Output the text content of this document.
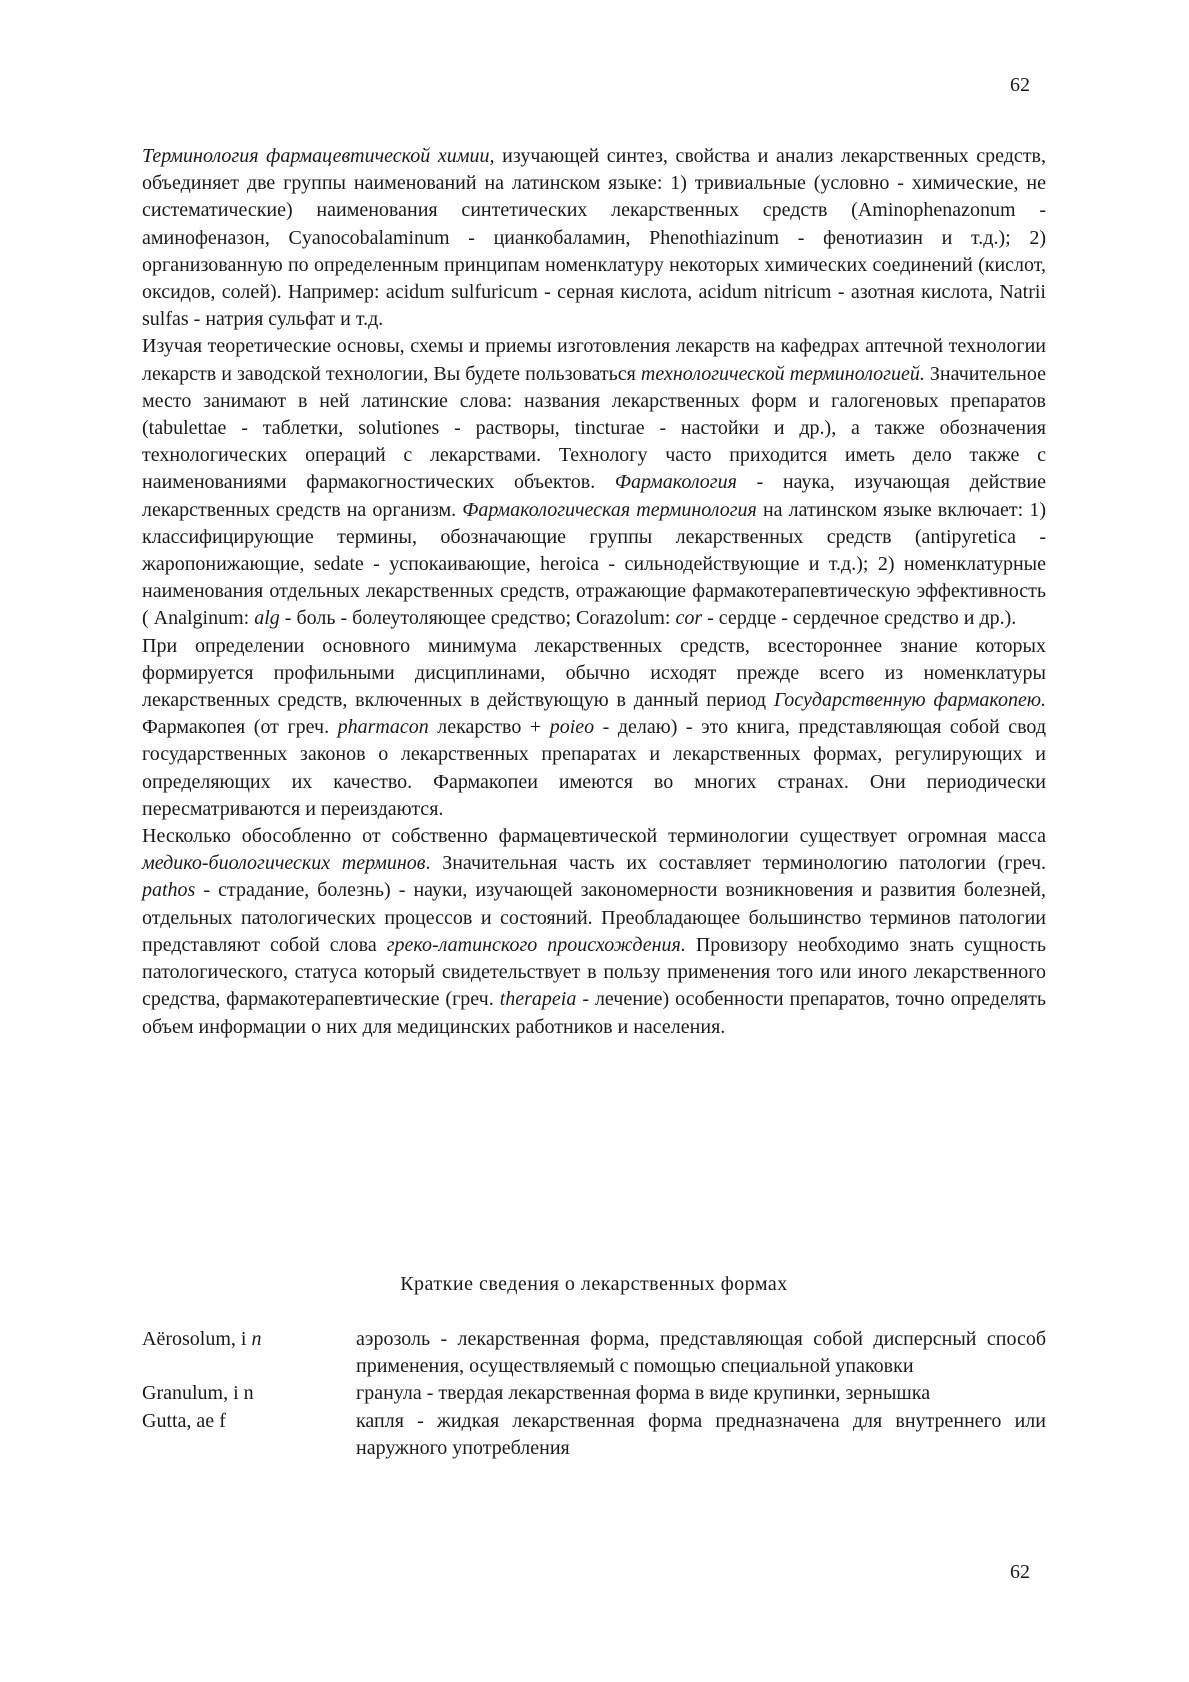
62

Терминология фармацевтической химии, изучающей синтез, свойства и анализ лекарственных средств, объединяет две группы наименований на латинском языке: 1) тривиальные (условно - химические, не систематические) наименования синтетических лекарственных средств (Aminophenazonum - аминофеназон, Cyanocobalaminum - цианкобаламин, Phenothiazinum - фенотиазин и т.д.); 2) организованную по определенным принципам номенклатуру некоторых химических соединений (кислот, оксидов, солей). Например: acidum sulfuricum - серная кислота, acidum nitricum - азотная кислота, Natrii sulfas - натрия сульфат и т.д.

Изучая теоретические основы, схемы и приемы изготовления лекарств на кафедрах аптечной технологии лекарств и заводской технологии, Вы будете пользоваться технологической терминологией. Значительное место занимают в ней латинские слова: названия лекарственных форм и галогеновых препаратов (tabulettae - таблетки, solutiones - растворы, tincturae - настойки и др.), а также обозначения технологических операций с лекарствами. Технологу часто приходится иметь дело также с наименованиями фармакогностических объектов. Фармакология - наука, изучающая действие лекарственных средств на организм. Фармакологическая терминология на латинском языке включает: 1) классифицирующие термины, обозначающие группы лекарственных средств (antipyretica - жаропонижающие, sedate - успокаивающие, heroica - сильнодействующие и т.д.); 2) номенклатурные наименования отдельных лекарственных средств, отражающие фармакотерапевтическую эффективность ( Analginum: alg - боль - болеутоляющее средство; Corazolum: cor - сердце - сердечное средство и др.).

При определении основного минимума лекарственных средств, всестороннее знание которых формируется профильными дисциплинами, обычно исходят прежде всего из номенклатуры лекарственных средств, включенных в действующую в данный период Государственную фармакопею. Фармакопея (от греч. pharmacon лекарство + poieo - делаю) - это книга, представляющая собой свод государственных законов о лекарственных препаратах и лекарственных формах, регулирующих и определяющих их качество. Фармакопеи имеются во многих странах. Они периодически пересматриваются и переиздаются.

Несколько обособленно от собственно фармацевтической терминологии существует огромная масса медико-биологических терминов. Значительная часть их составляет терминологию патологии (греч. pathos - страдание, болезнь) - науки, изучающей закономерности возникновения и развития болезней, отдельных патологических процессов и состояний. Преобладающее большинство терминов патологии представляют собой слова греко-латинского происхождения. Провизору необходимо знать сущность патологического, статуса который свидетельствует в пользу применения того или иного лекарственного средства, фармакотерапевтические (греч. therapeia - лечение) особенности препаратов, точно определять объем информации о них для медицинских работников и населения.

Краткие сведения о лекарственных формах
Aërosolum, i n	аэрозоль - лекарственная форма, представляющая собой дисперсный способ применения, осуществляемый с помощью специальной упаковки
Granulum, i n	гранула - твердая лекарственная форма в виде крупинки, зернышка
Gutta, ae f	капля - жидкая лекарственная форма предназначена для внутреннего или наружного употребления
62
